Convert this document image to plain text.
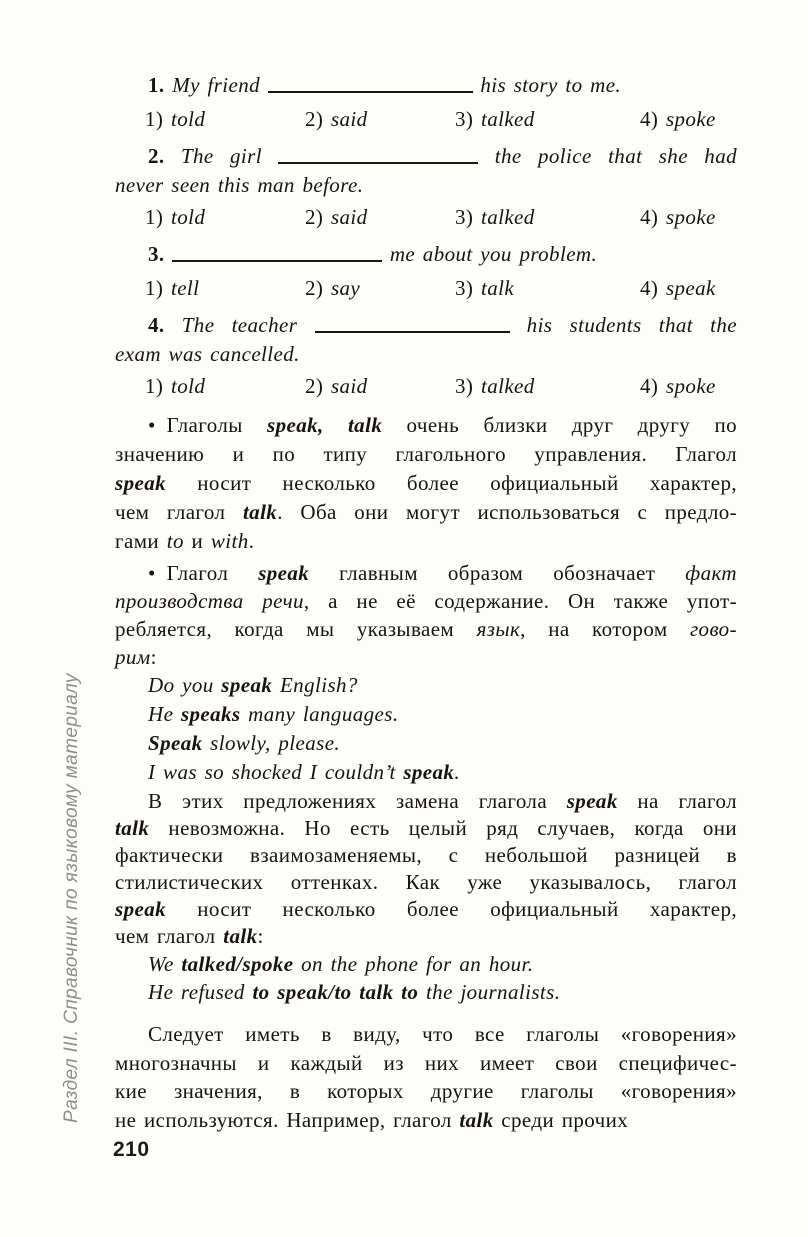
Раздел III. Справочник по языковому материалу
1. My friend	his story to me.
1) told	2) said	3) talked	4) spoke
2. The girl	the police that she had
never seen this man before.
1) told	2) said	3) talked	4) spoke
3.	me about you problem.
1) tell	2) say	3) talk	4) speak
4. The teacher	his students that the
exam was cancelled.
1) told	2) said	3) talked	4) spoke
• Глаголы speak, talk очень близки друг другу по
значению и по типу глагольного управления. Глагол
speak носит несколько более официальный характер,
чем глагол talk. Оба они могут использоваться с предло-
гами to и with.
• Глагол speak главным образом обозначает факт
производства речи, а не её содержание. Он также упот-
ребляется, когда мы указываем язык, на котором гово-
рим:
Do you speak English?
He speaks many languages.
Speak slowly, please.
I was so shocked I couldn’t speak.
В этих предложениях замена глагола speak на глагол
talk невозможна. Но есть целый ряд случаев, когда они
фактически взаимозаменяемы, с небольшой разницей в
стилистических оттенках. Как уже указывалось, глагол
speak носит несколько более официальный характер,
чем глагол talk:
We talked/spoke on the phone for an hour.
He refused to speak/to talk to the journalists.
Следует иметь в виду, что все глаголы «говорения»
многозначны и каждый из них имеет свои специфичес-
кие значения, в которых другие глаголы «говорения»
не используются. Например, глагол talk среди прочих
210
